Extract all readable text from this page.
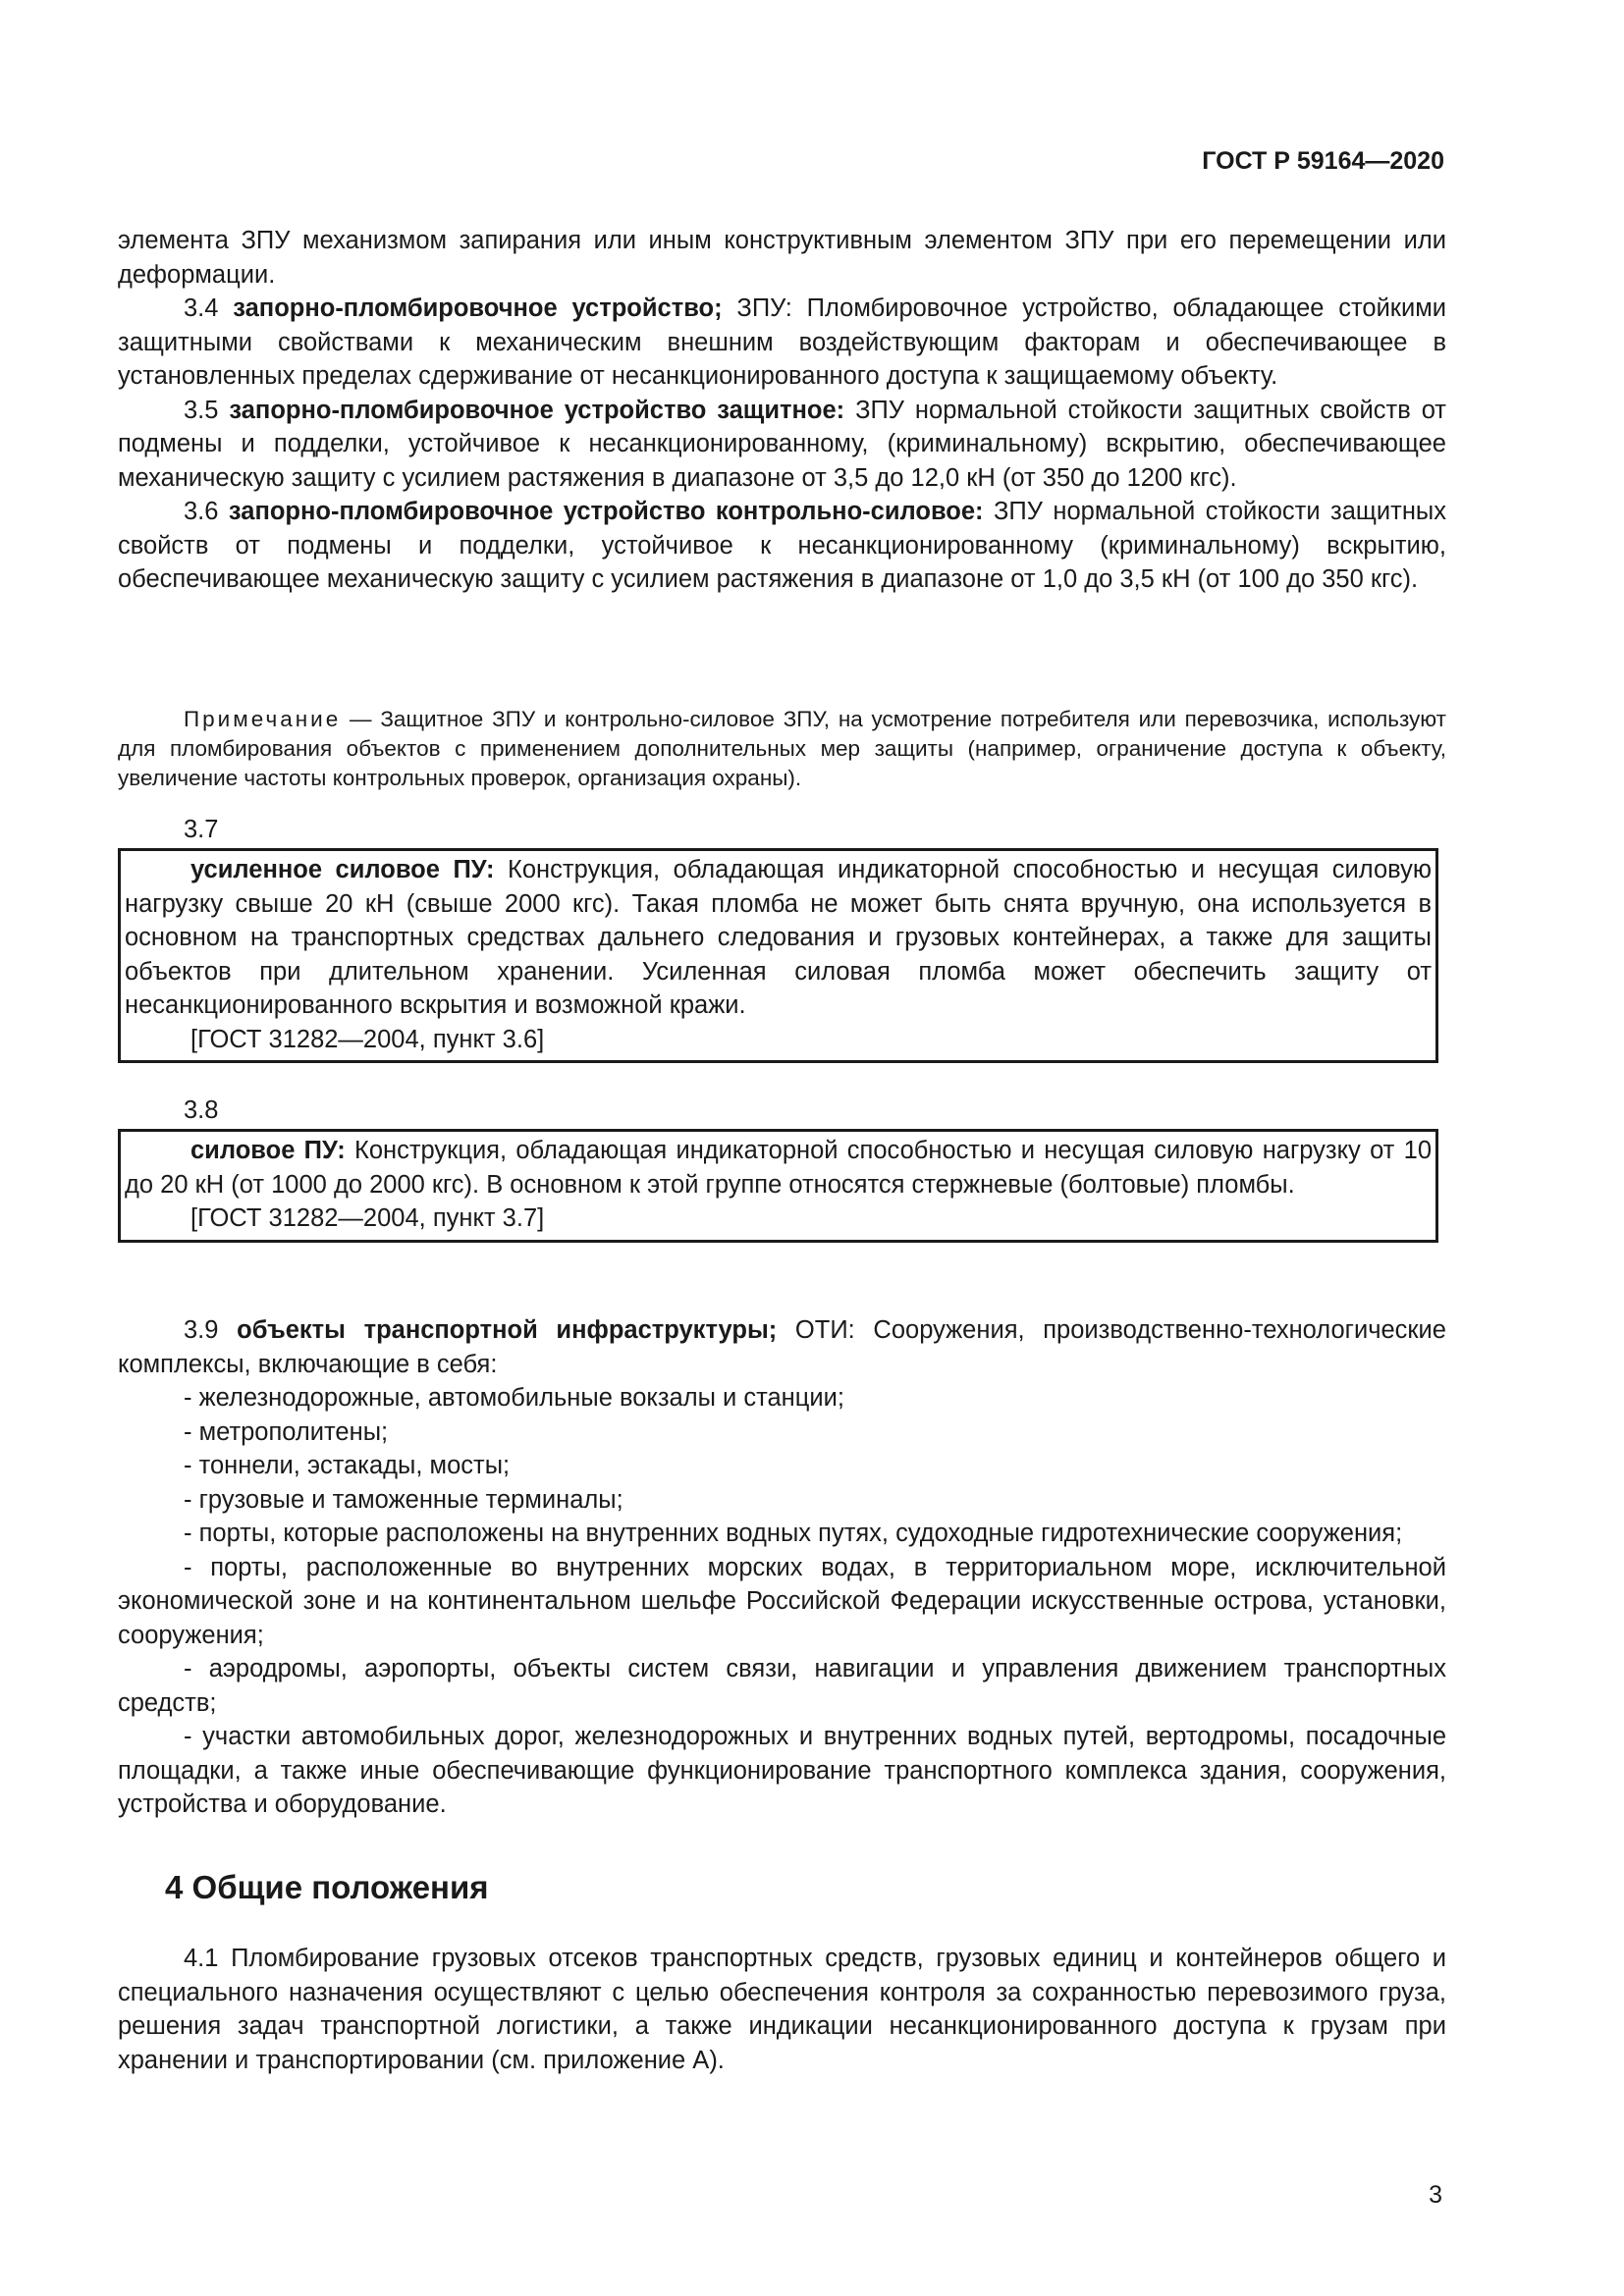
ГОСТ Р 59164—2020

элемента ЗПУ механизмом запирания или иным конструктивным элементом ЗПУ при его перемещении или деформации.

3.4 запорно-пломбировочное устройство; ЗПУ: Пломбировочное устройство, обладающее стойкими защитными свойствами к механическим внешним воздействующим факторам и обеспечивающее в установленных пределах сдерживание от несанкционированного доступа к защищаемому объекту.

3.5 запорно-пломбировочное устройство защитное: ЗПУ нормальной стойкости защитных свойств от подмены и подделки, устойчивое к несанкционированному, (криминальному) вскрытию, обеспечивающее механическую защиту с усилием растяжения в диапазоне от 3,5 до 12,0 кН (от 350 до 1200 кгс).

3.6 запорно-пломбировочное устройство контрольно-силовое: ЗПУ нормальной стойкости защитных свойств от подмены и подделки, устойчивое к несанкционированному (криминальному) вскрытию, обеспечивающее механическую защиту с усилием растяжения в диапазоне от 1,0 до 3,5 кН (от 100 до 350 кгс).

Примечание — Защитное ЗПУ и контрольно-силовое ЗПУ, на усмотрение потребителя или перевозчика, используют для пломбирования объектов с применением дополнительных мер защиты (например, ограничение доступа к объекту, увеличение частоты контрольных проверок, организация охраны).

3.7

усиленное силовое ПУ: Конструкция, обладающая индикаторной способностью и несущая силовую нагрузку свыше 20 кН (свыше 2000 кгс). Такая пломба не может быть снята вручную, она используется в основном на транспортных средствах дальнего следования и грузовых контейнерах, а также для защиты объектов при длительном хранении. Усиленная силовая пломба может обеспечить защиту от несанкционированного вскрытия и возможной кражи.

[ГОСТ 31282—2004, пункт 3.6]

3.8

силовое ПУ: Конструкция, обладающая индикаторной способностью и несущая силовую нагрузку от 10 до 20 кН (от 1000 до 2000 кгс). В основном к этой группе относятся стержневые (болтовые) пломбы.

[ГОСТ 31282—2004, пункт 3.7]

3.9 объекты транспортной инфраструктуры; ОТИ: Сооружения, производственно-технологические комплексы, включающие в себя:

- железнодорожные, автомобильные вокзалы и станции;

- метрополитены;

- тоннели, эстакады, мосты;

- грузовые и таможенные терминалы;

- порты, которые расположены на внутренних водных путях, судоходные гидротехнические сооружения;

- порты, расположенные во внутренних морских водах, в территориальном море, исключительной экономической зоне и на континентальном шельфе Российской Федерации искусственные острова, установки, сооружения;

- аэродромы, аэропорты, объекты систем связи, навигации и управления движением транспортных средств;

- участки автомобильных дорог, железнодорожных и внутренних водных путей, вертодромы, посадочные площадки, а также иные обеспечивающие функционирование транспортного комплекса здания, сооружения, устройства и оборудование.

4 Общие положения

4.1 Пломбирование грузовых отсеков транспортных средств, грузовых единиц и контейнеров общего и специального назначения осуществляют с целью обеспечения контроля за сохранностью перевозимого груза, решения задач транспортной логистики, а также индикации несанкционированного доступа к грузам при хранении и транспортировании (см. приложение А).

3
